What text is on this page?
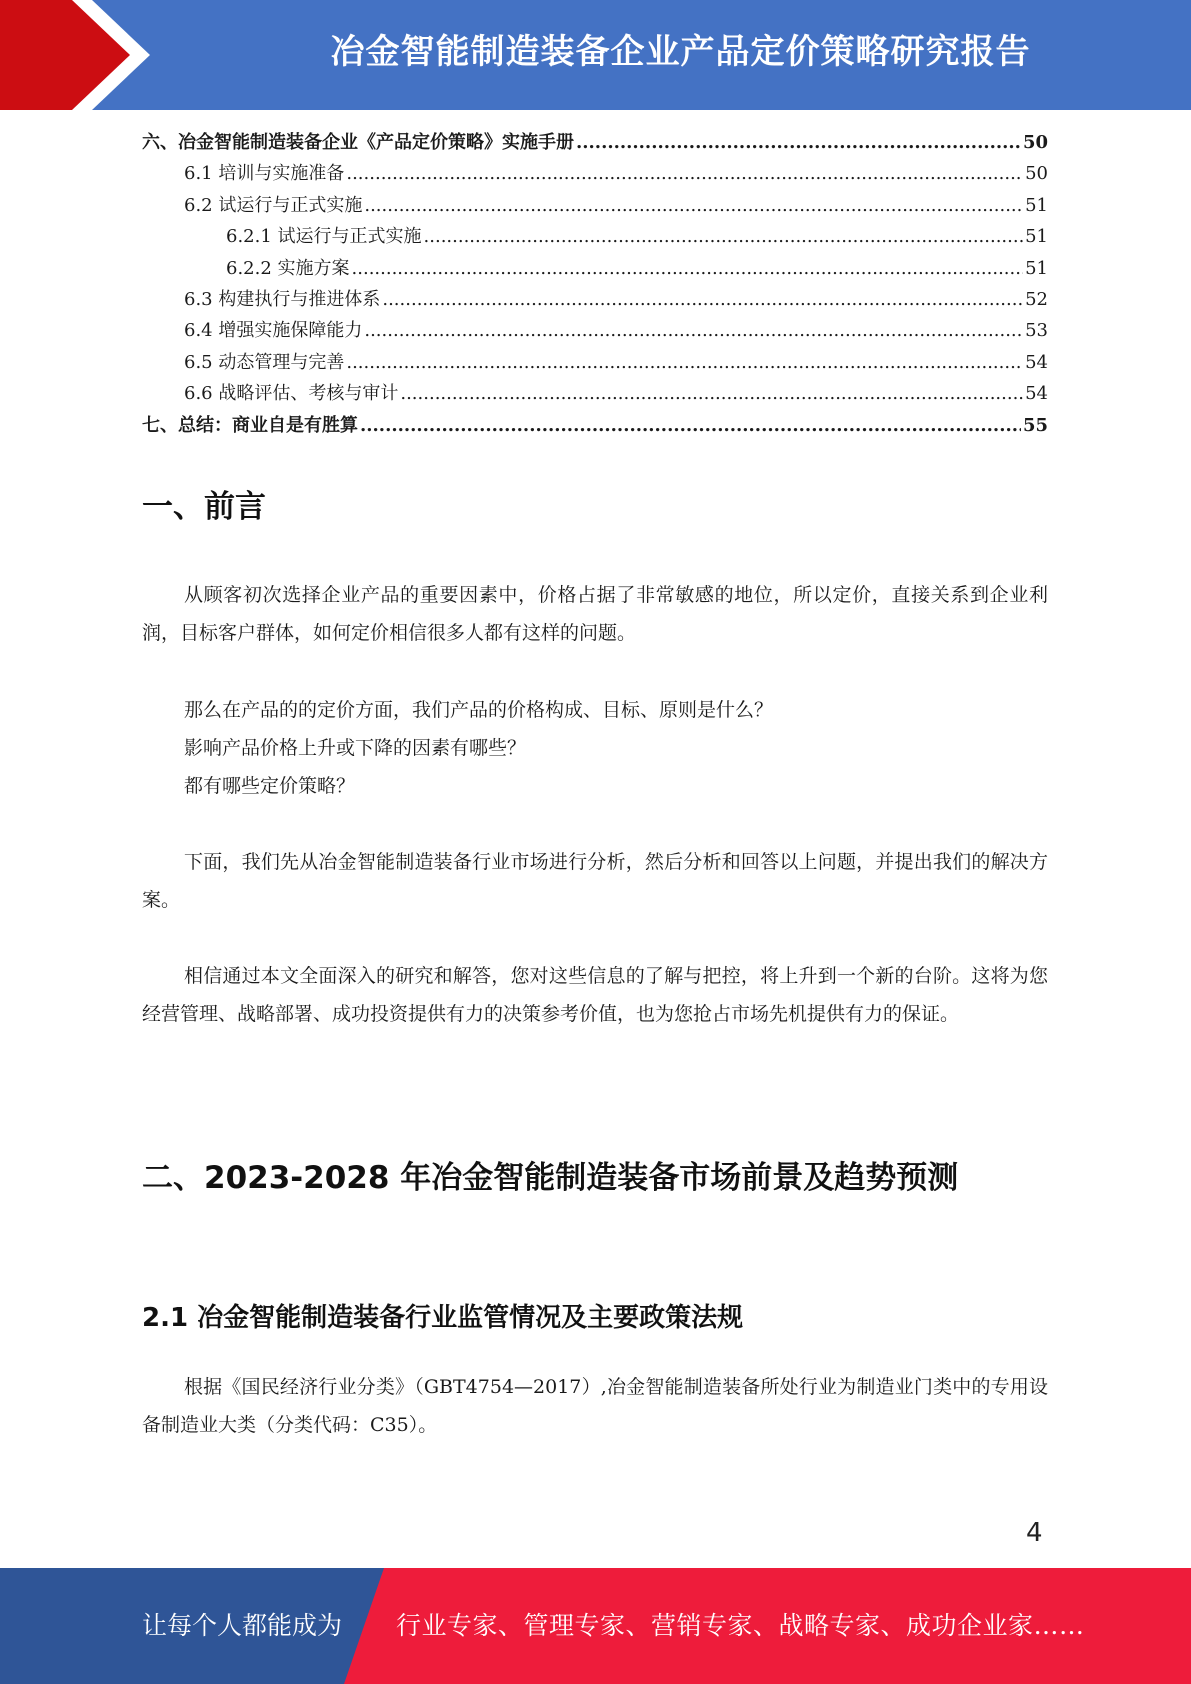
冶金智能制造装备企业产品定价策略研究报告
六、冶金智能制造装备企业《产品定价策略》实施手册 .....	50
6.1 培训与实施准备 .....	50
6.2 试运行与正式实施 .....	51
6.2.1 试运行与正式实施 .....	51
6.2.2 实施方案 .....	51
6.3 构建执行与推进体系 .....	52
6.4 增强实施保障能力 .....	53
6.5 动态管理与完善 .....	54
6.6 战略评估、考核与审计 .....	54
七、总结：商业自是有胜算 .....	55
一、前言

从顾客初次选择企业产品的重要因素中，价格占据了非常敏感的地位，所以定价，直接关系到企业利润，目标客户群体，如何定价相信很多人都有这样的问题。

那么在产品的的定价方面，我们产品的价格构成、目标、原则是什么？

影响产品价格上升或下降的因素有哪些？

都有哪些定价策略？

下面，我们先从冶金智能制造装备行业市场进行分析，然后分析和回答以上问题，并提出我们的解决方案。

相信通过本文全面深入的研究和解答，您对这些信息的了解与把控，将上升到一个新的台阶。这将为您经营管理、战略部署、成功投资提供有力的决策参考价值，也为您抢占市场先机提供有力的保证。

二、2023-2028 年冶金智能制造装备市场前景及趋势预测
2.1 冶金智能制造装备行业监管情况及主要政策法规

根据《国民经济行业分类》（GBT4754—2017）,冶金智能制造装备所处行业为制造业门类中的专用设备制造业大类（分类代码：C35）。

4
让每个人都能成为 行业专家、管理专家、营销专家、战略专家、成功企业家……
